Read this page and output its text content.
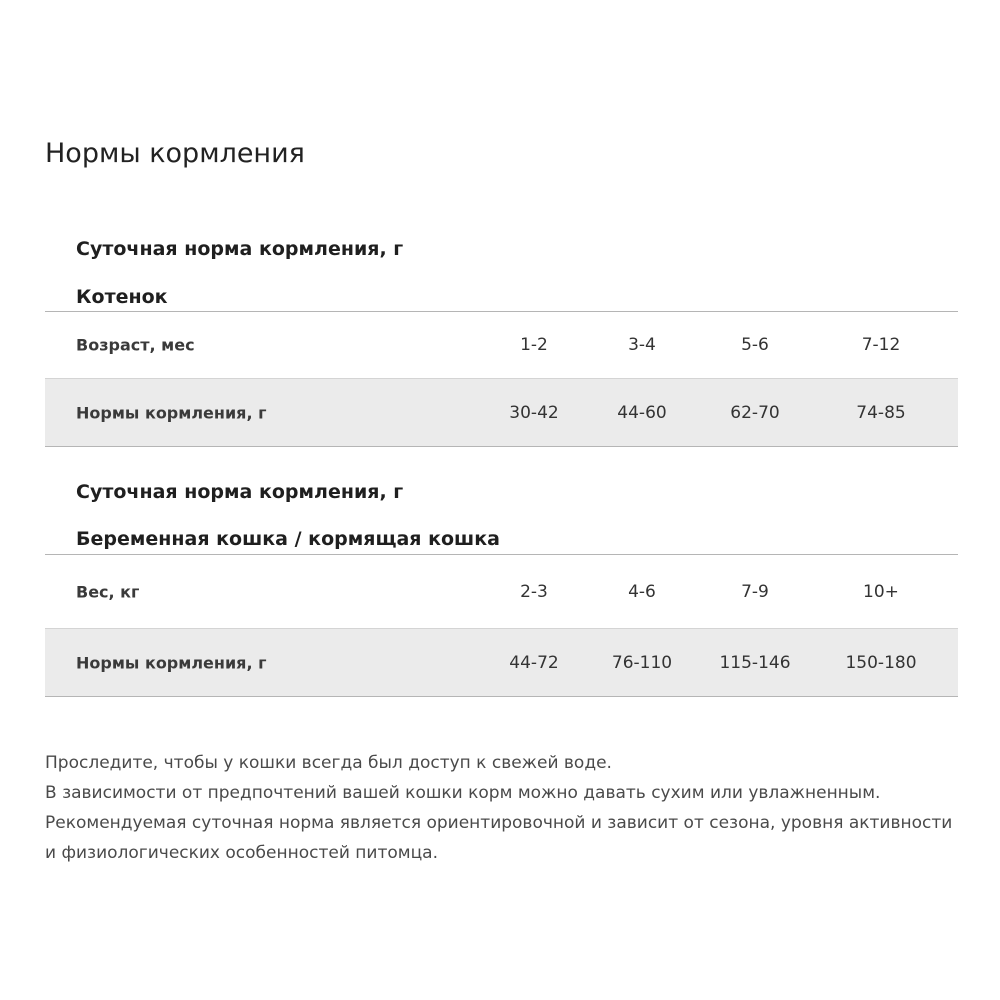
Нормы кормления
Суточная норма кормления, г
Котенок
Возраст, мес	1-2	3-4	5-6	7-12
Нормы кормления, г	30-42	44-60	62-70	74-85
Суточная норма кормления, г
Беременная кошка / кормящая кошка
Вес, кг	2-3	4-6	7-9	10+
Нормы кормления, г	44-72	76-110	115-146	150-180
Проследите, чтобы у кошки всегда был доступ к свежей воде.
В зависимости от предпочтений вашей кошки корм можно давать сухим или увлажненным.
Рекомендуемая суточная норма является ориентировочной и зависит от сезона, уровня активности
и физиологических особенностей питомца.
